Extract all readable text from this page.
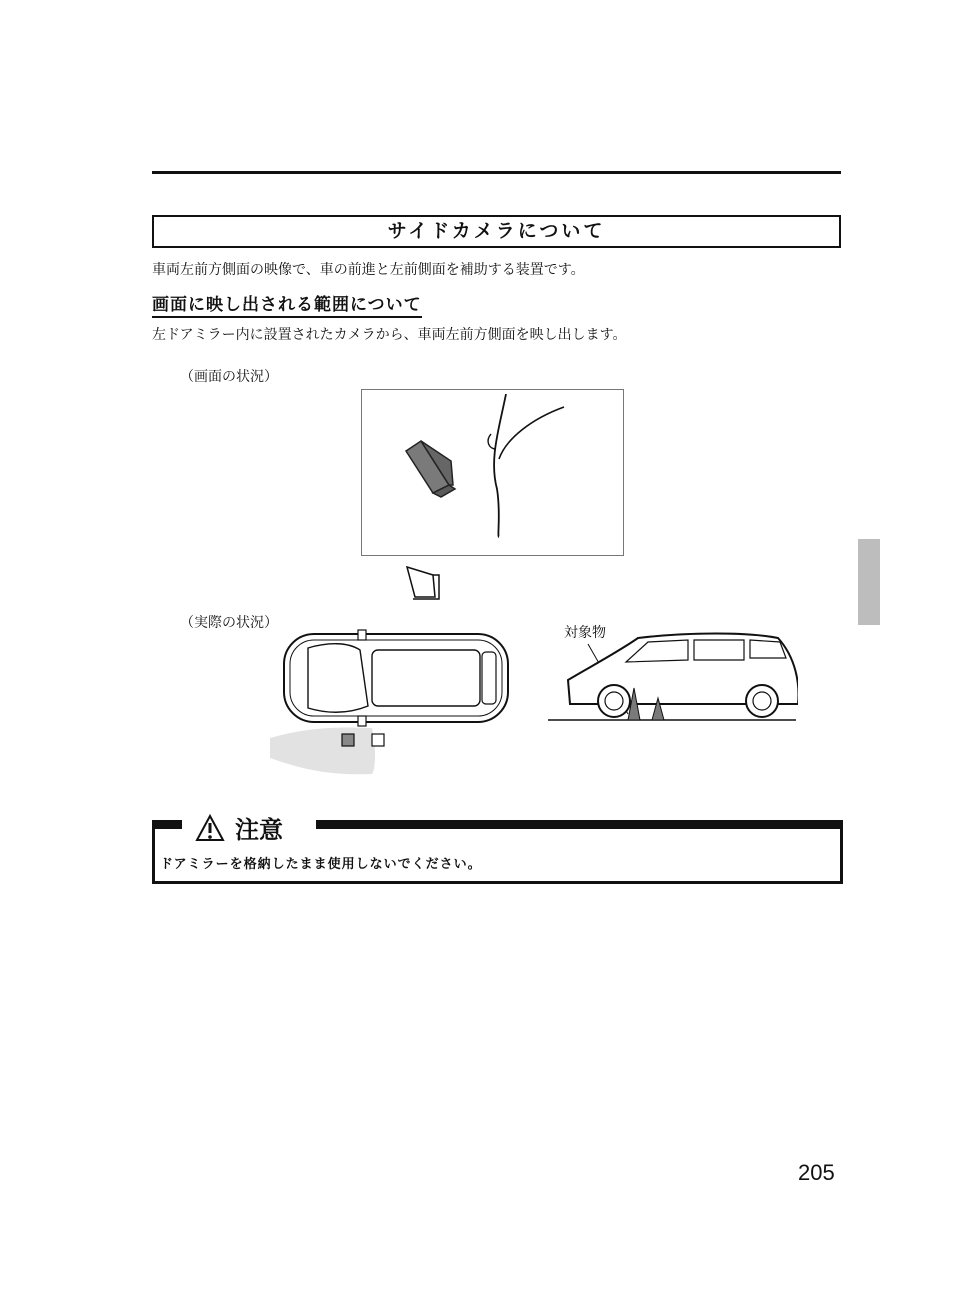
サイドカメラについて
車両左前方側面の映像で、車の前進と左前側面を補助する装置です。
画面に映し出される範囲について
左ドアミラー内に設置されたカメラから、車両左前方側面を映し出します。
（画面の状況）
（実際の状況）
対象物
注意
ドアミラーを格納したまま使用しないでください。
205
